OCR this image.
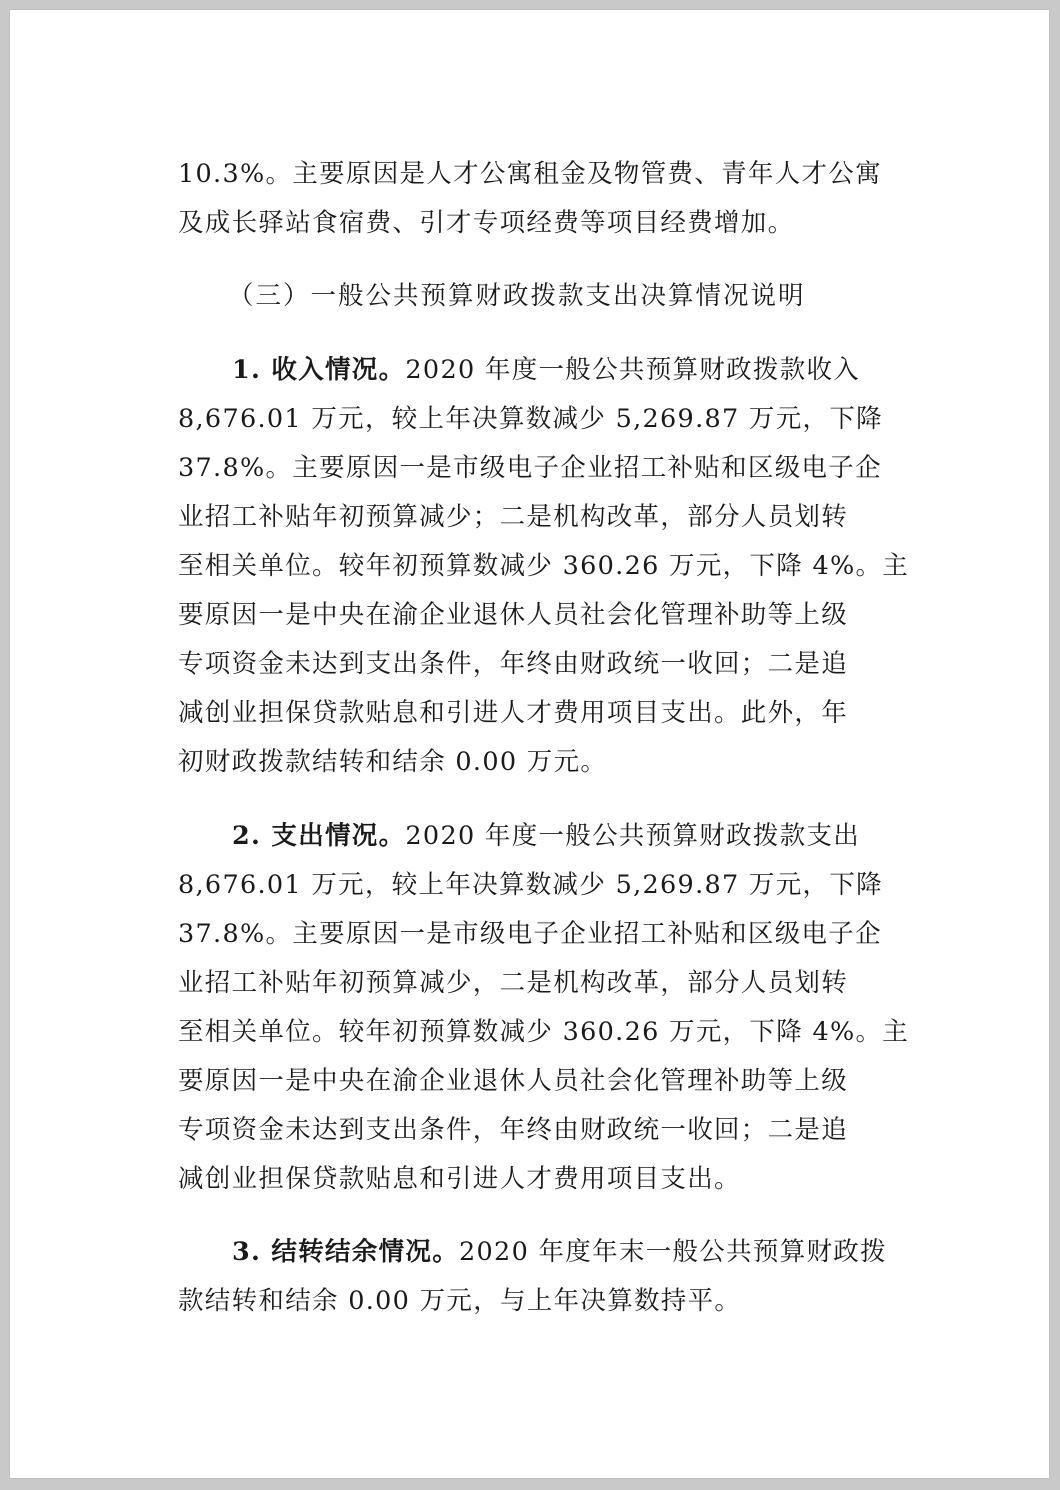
10.3%。主要原因是人才公寓租金及物管费、青年人才公寓
及成长驿站食宿费、引才专项经费等项目经费增加。
（三）一般公共预算财政拨款支出决算情况说明
1. 收入情况。2020 年度一般公共预算财政拨款收入
8,676.01 万元，较上年决算数减少 5,269.87 万元，下降
37.8%。主要原因一是市级电子企业招工补贴和区级电子企
业招工补贴年初预算减少；二是机构改革，部分人员划转
至相关单位。较年初预算数减少 360.26 万元，下降 4%。主
要原因一是中央在渝企业退休人员社会化管理补助等上级
专项资金未达到支出条件，年终由财政统一收回；二是追
减创业担保贷款贴息和引进人才费用项目支出。此外，年
初财政拨款结转和结余 0.00 万元。
2. 支出情况。2020 年度一般公共预算财政拨款支出
8,676.01 万元，较上年决算数减少 5,269.87 万元，下降
37.8%。主要原因一是市级电子企业招工补贴和区级电子企
业招工补贴年初预算减少，二是机构改革，部分人员划转
至相关单位。较年初预算数减少 360.26 万元，下降 4%。主
要原因一是中央在渝企业退休人员社会化管理补助等上级
专项资金未达到支出条件，年终由财政统一收回；二是追
减创业担保贷款贴息和引进人才费用项目支出。
3. 结转结余情况。2020 年度年末一般公共预算财政拨
款结转和结余 0.00 万元，与上年决算数持平。
